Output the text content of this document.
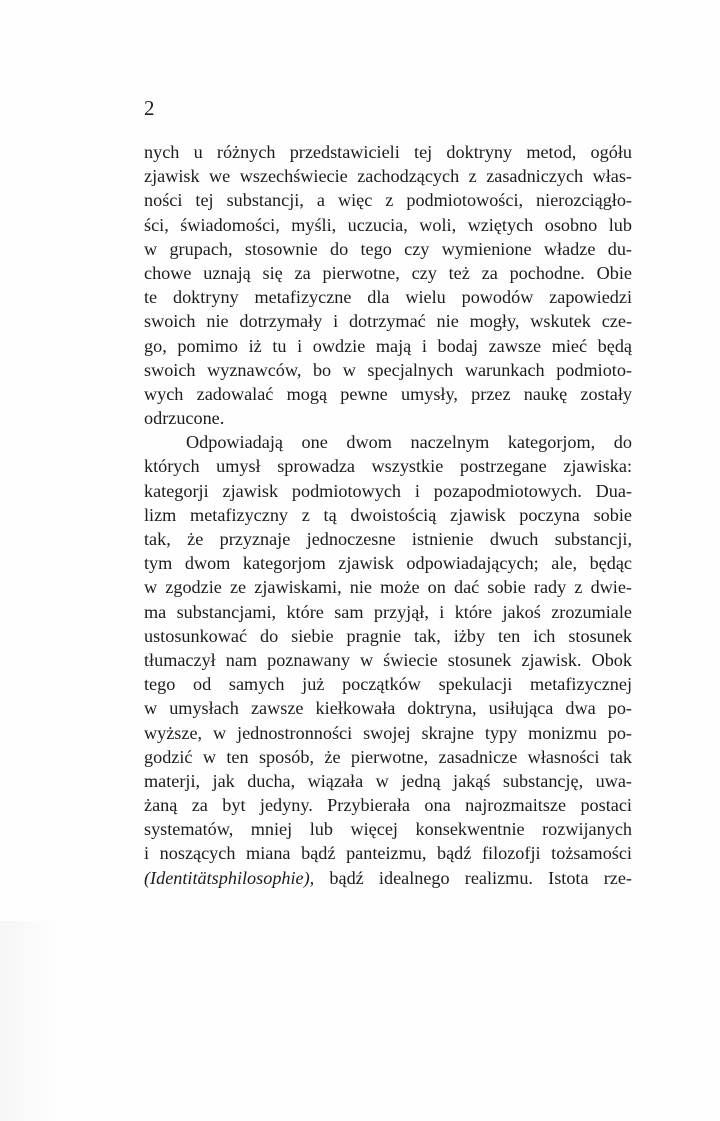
2
nych u różnych przedstawicieli tej doktryny metod, ogółu
zjawisk we wszechświecie zachodzących z zasadniczych włas-
ności tej substancji, a więc z podmiotowości, nierozciągło-
ści, świadomości, myśli, uczucia, woli, wziętych osobno lub
w grupach, stosownie do tego czy wymienione władze du-
chowe uznają się za pierwotne, czy też za pochodne. Obie
te doktryny metafizyczne dla wielu powodów zapowiedzi
swoich nie dotrzymały i dotrzymać nie mogły, wskutek cze-
go, pomimo iż tu i owdzie mają i bodaj zawsze mieć będą
swoich wyznawców, bo w specjalnych warunkach podmioto-
wych zadowalać mogą pewne umysły, przez naukę zostały
odrzucone.
Odpowiadają one dwom naczelnym kategorjom, do
których umysł sprowadza wszystkie postrzegane zjawiska:
kategorji zjawisk podmiotowych i pozapodmiotowych. Dua-
lizm metafizyczny z tą dwoistością zjawisk poczyna sobie
tak, że przyznaje jednoczesne istnienie dwuch substancji,
tym dwom kategorjom zjawisk odpowiadających; ale, będąc
w zgodzie ze zjawiskami, nie może on dać sobie rady z dwie-
ma substancjami, które sam przyjął, i które jakoś zrozumiale
ustosunkować do siebie pragnie tak, iżby ten ich stosunek
tłumaczył nam poznawany w świecie stosunek zjawisk. Obok
tego od samych już początków spekulacji metafizycznej
w umysłach zawsze kiełkowała doktryna, usiłująca dwa po-
wyższe, w jednostronności swojej skrajne typy monizmu po-
godzić w ten sposób, że pierwotne, zasadnicze własności tak
materji, jak ducha, wiązała w jedną jakąś substancję, uwa-
żaną za byt jedyny. Przybierała ona najrozmaitsze postaci
systematów, mniej lub więcej konsekwentnie rozwijanych
i noszących miana bądź panteizmu, bądź filozofji tożsamości
(Identitätsphilosophie), bądź idealnego realizmu. Istota rze-
